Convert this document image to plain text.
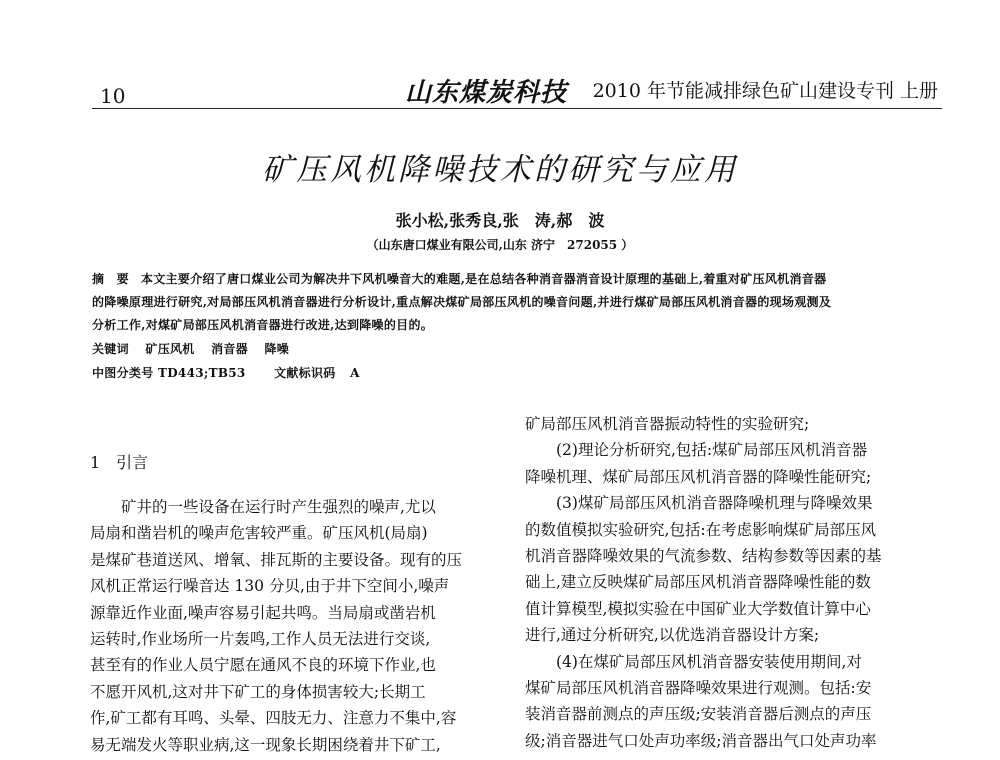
10	山东煤炭科技 2010 年节能减排绿色矿山建设专刊 上册
矿压风机降噪技术的研究与应用
张小松,张秀良,张　涛,郝　波
（山东唐口煤业有限公司,山东 济宁　272055 ）
摘　要 本文主要介绍了唐口煤业公司为解决井下风机噪音大的难题,是在总结各种消音器消音设计原理的基础上,着重对矿压风机消音器
的降噪原理进行研究,对局部压风机消音器进行分析设计,重点解决煤矿局部压风机的噪音问题,并进行煤矿局部压风机消音器的现场观测及
分析工作,对煤矿局部压风机消音器进行改进,达到降噪的目的。
关键词 矿压风机 消音器 降噪
中图分类号 TD443;TB53 文献标识码 A
1　引言
　　矿井的一些设备在运行时产生强烈的噪声,尤以
局扇和凿岩机的噪声危害较严重。矿压风机(局扇)
是煤矿巷道送风、增氧、排瓦斯的主要设备。现有的压
风机正常运行噪音达 130 分贝,由于井下空间小,噪声
源靠近作业面,噪声容易引起共鸣。当局扇或凿岩机
运转时,作业场所一片轰鸣,工作人员无法进行交谈,
甚至有的作业人员宁愿在通风不良的环境下作业,也
不愿开风机,这对井下矿工的身体损害较大;长期工
作,矿工都有耳鸣、头晕、四肢无力、注意力不集中,容
易无端发火等职业病,这一现象长期困绕着井下矿工,
矿局部压风机消音器振动特性的实验研究;
　　(2)理论分析研究,包括:煤矿局部压风机消音器
降噪机理、煤矿局部压风机消音器的降噪性能研究;
　　(3)煤矿局部压风机消音器降噪机理与降噪效果
的数值模拟实验研究,包括:在考虑影响煤矿局部压风
机消音器降噪效果的气流参数、结构参数等因素的基
础上,建立反映煤矿局部压风机消音器降噪性能的数
值计算模型,模拟实验在中国矿业大学数值计算中心
进行,通过分析研究,以优选消音器设计方案;
　　(4)在煤矿局部压风机消音器安装使用期间,对
煤矿局部压风机消音器降噪效果进行观测。包括:安
装消音器前测点的声压级;安装消音器后测点的声压
级;消音器进气口处声功率级;消音器出气口处声功率
